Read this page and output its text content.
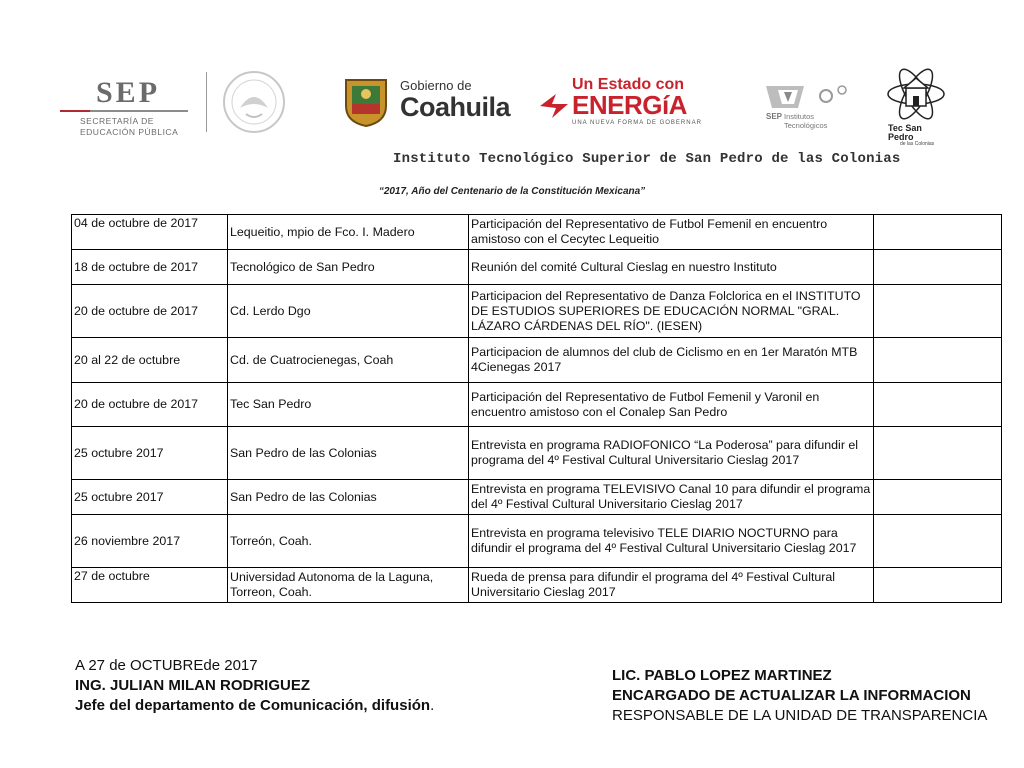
SEP
SECRETARÍA DE
EDUCACIÓN PÚBLICA
Gobierno de
Coahuila
Un Estado con
ENERGíA
UNA NUEVA FORMA DE GOBERNAR
SEP Institutos Tecnológicos	Tec San Pedro
de las Colonias
Instituto Tecnológico Superior de San Pedro de las Colonias
“2017, Año del Centenario de la Constitución Mexicana”
04 de octubre de 2017	Lequeitio, mpio de Fco. I. Madero	Participación del Representativo de Futbol Femenil en encuentro amistoso con el Cecytec Lequeitio	
18 de octubre de 2017	Tecnológico de San Pedro	Reunión del comité Cultural Cieslag en nuestro Instituto	
20 de octubre de 2017	Cd. Lerdo Dgo	Participacion del Representativo de Danza Folclorica en el INSTITUTO DE ESTUDIOS SUPERIORES DE EDUCACIÓN NORMAL "GRAL. LÁZARO CÁRDENAS DEL RÍO". (IESEN)	
20 al 22 de octubre	Cd. de Cuatrocienegas, Coah	Participacion de alumnos del club de Ciclismo en en 1er Maratón MTB 4Cienegas 2017	
20 de octubre de 2017	Tec San Pedro	Participación del Representativo de Futbol Femenil y Varonil en encuentro amistoso con el Conalep San Pedro	
25 octubre 2017	San Pedro de las Colonias	Entrevista en programa RADIOFONICO “La Poderosa” para difundir el programa del 4º Festival Cultural Universitario Cieslag 2017	
25 octubre 2017	San Pedro de las Colonias	Entrevista en programa TELEVISIVO Canal 10 para difundir el programa del 4º Festival Cultural Universitario Cieslag 2017	
26 noviembre 2017	Torreón, Coah.	Entrevista en programa televisivo TELE DIARIO NOCTURNO para difundir el programa del 4º Festival Cultural Universitario Cieslag 2017	
27 de octubre	Universidad Autonoma de la Laguna, Torreon, Coah.	Rueda de prensa para difundir el programa del 4º Festival Cultural Universitario Cieslag 2017	
A 27 de OCTUBREde 2017
ING. JULIAN MILAN RODRIGUEZ
Jefe del departamento de Comunicación, difusión.
LIC. PABLO LOPEZ MARTINEZ
ENCARGADO DE ACTUALIZAR LA INFORMACION
RESPONSABLE DE LA UNIDAD DE TRANSPARENCIA
